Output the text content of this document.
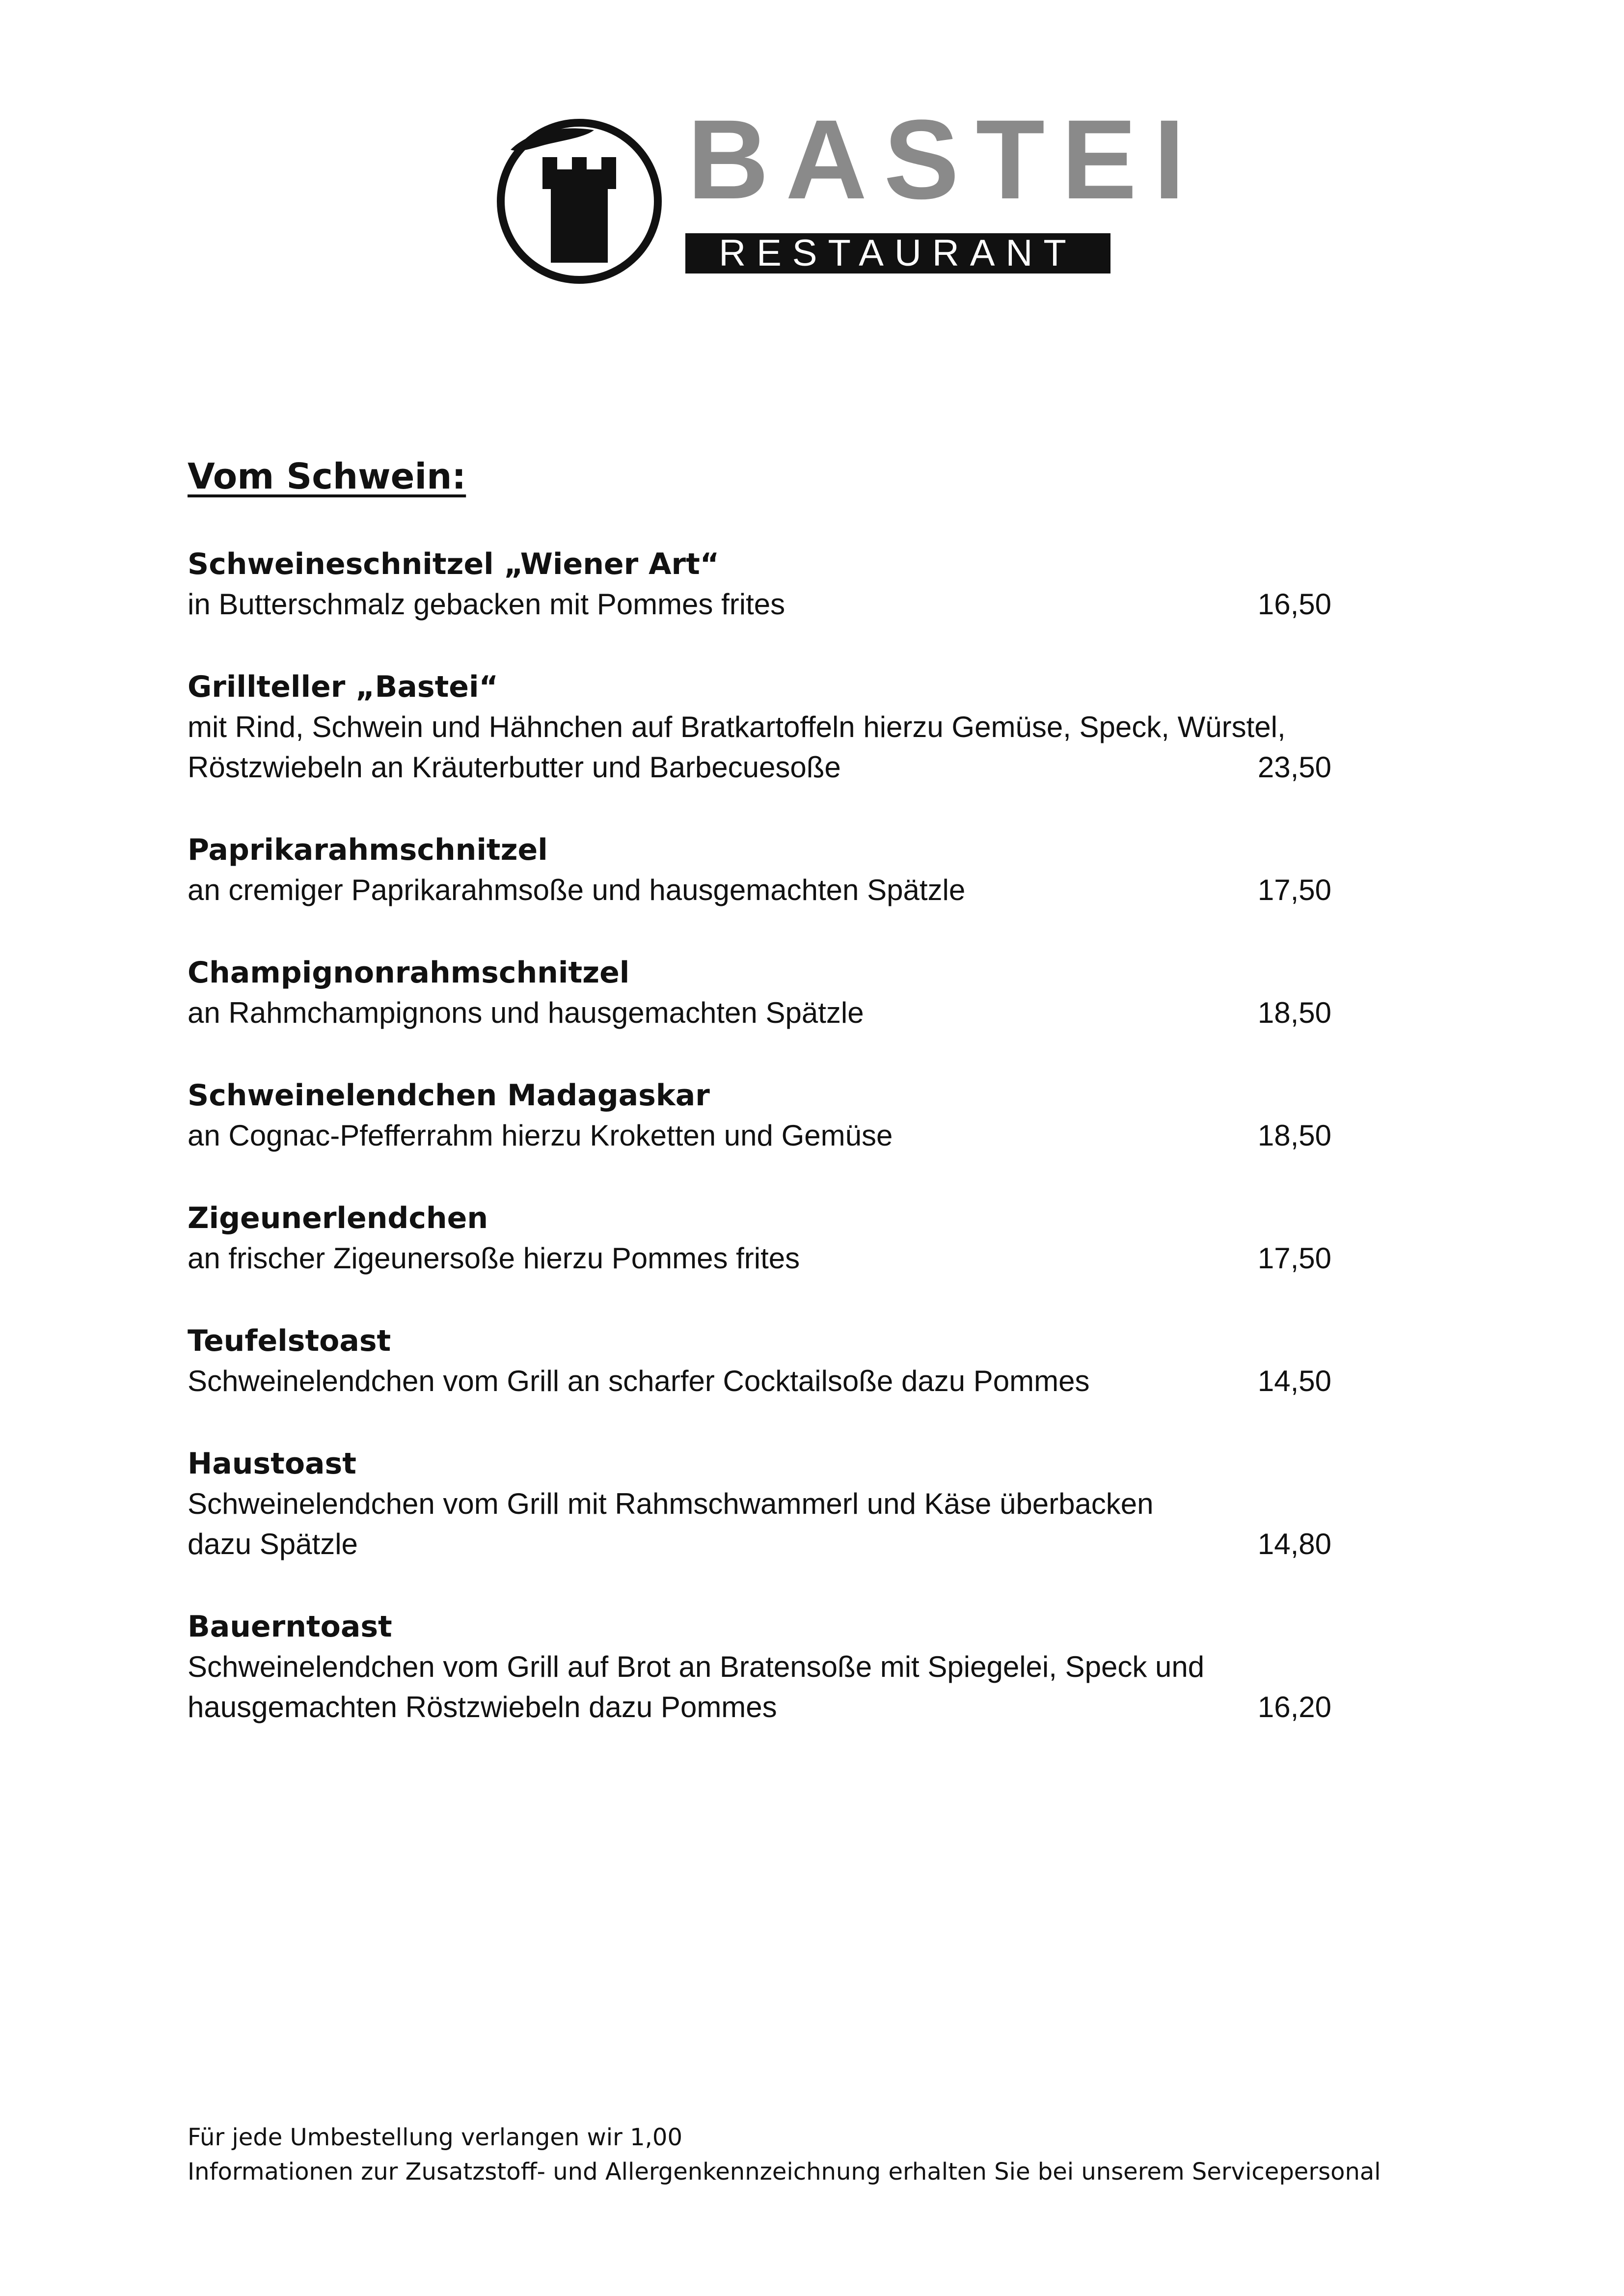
BASTEI
RESTAURANT
Vom Schwein:
Schweineschnitzel „Wiener Art“
in Butterschmalz gebacken mit Pommes frites	16,50
Grillteller „Bastei“
mit Rind, Schwein und Hähnchen auf Bratkartoffeln hierzu Gemüse, Speck, Würstel,
Röstzwiebeln an Kräuterbutter und Barbecuesoße	23,50
Paprikarahmschnitzel
an cremiger Paprikarahmsoße und hausgemachten Spätzle	17,50
Champignonrahmschnitzel
an Rahmchampignons und hausgemachten Spätzle	18,50
Schweinelendchen Madagaskar
an Cognac-Pfefferrahm hierzu Kroketten und Gemüse	18,50
Zigeunerlendchen
an frischer Zigeunersoße hierzu Pommes frites	17,50
Teufelstoast
Schweinelendchen vom Grill an scharfer Cocktailsoße dazu Pommes	14,50
Haustoast
Schweinelendchen vom Grill mit Rahmschwammerl und Käse überbacken
dazu Spätzle	14,80
Bauerntoast
Schweinelendchen vom Grill auf Brot an Bratensoße mit Spiegelei, Speck und
hausgemachten Röstzwiebeln dazu Pommes	16,20
Für jede Umbestellung verlangen wir 1,00
Informationen zur Zusatzstoff- und Allergenkennzeichnung erhalten Sie bei unserem Servicepersonal
